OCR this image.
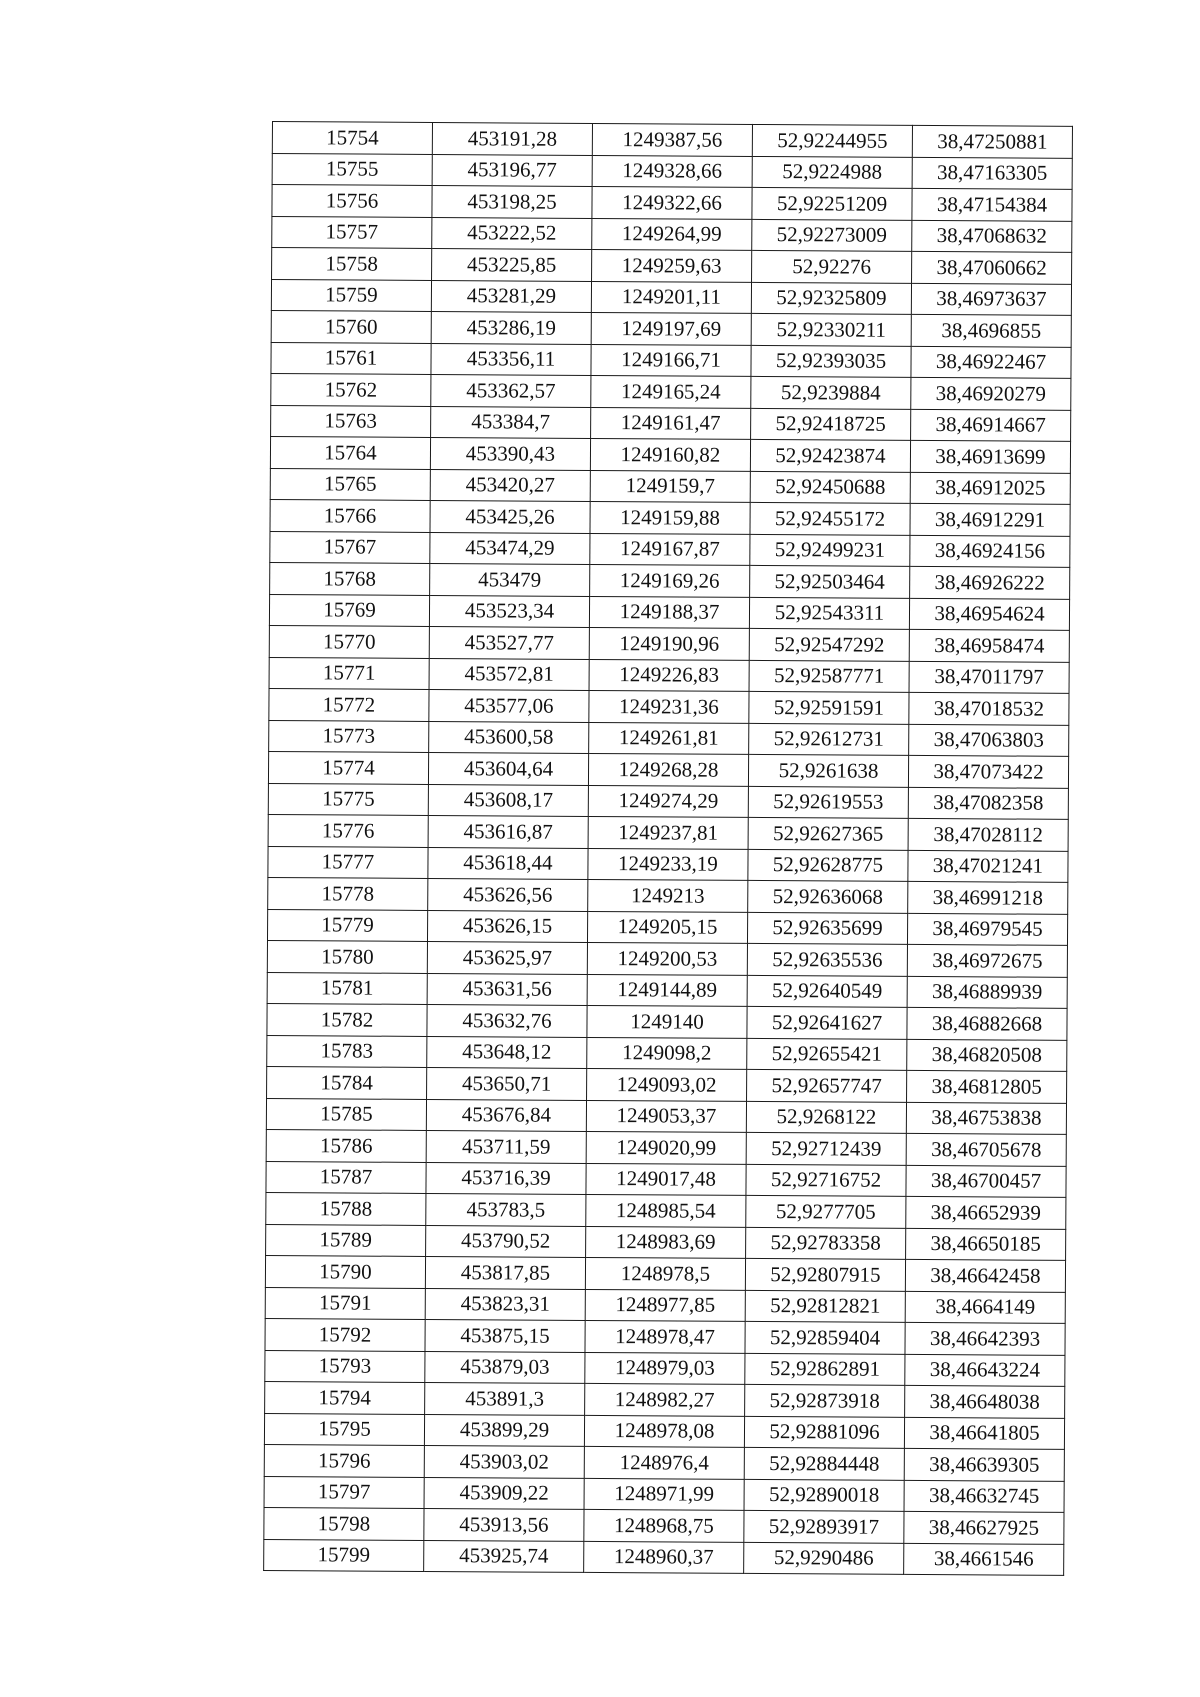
15754	453191,28	1249387,56	52,92244955	38,47250881
15755	453196,77	1249328,66	52,9224988	38,47163305
15756	453198,25	1249322,66	52,92251209	38,47154384
15757	453222,52	1249264,99	52,92273009	38,47068632
15758	453225,85	1249259,63	52,92276	38,47060662
15759	453281,29	1249201,11	52,92325809	38,46973637
15760	453286,19	1249197,69	52,92330211	38,4696855
15761	453356,11	1249166,71	52,92393035	38,46922467
15762	453362,57	1249165,24	52,9239884	38,46920279
15763	453384,7	1249161,47	52,92418725	38,46914667
15764	453390,43	1249160,82	52,92423874	38,46913699
15765	453420,27	1249159,7	52,92450688	38,46912025
15766	453425,26	1249159,88	52,92455172	38,46912291
15767	453474,29	1249167,87	52,92499231	38,46924156
15768	453479	1249169,26	52,92503464	38,46926222
15769	453523,34	1249188,37	52,92543311	38,46954624
15770	453527,77	1249190,96	52,92547292	38,46958474
15771	453572,81	1249226,83	52,92587771	38,47011797
15772	453577,06	1249231,36	52,92591591	38,47018532
15773	453600,58	1249261,81	52,92612731	38,47063803
15774	453604,64	1249268,28	52,9261638	38,47073422
15775	453608,17	1249274,29	52,92619553	38,47082358
15776	453616,87	1249237,81	52,92627365	38,47028112
15777	453618,44	1249233,19	52,92628775	38,47021241
15778	453626,56	1249213	52,92636068	38,46991218
15779	453626,15	1249205,15	52,92635699	38,46979545
15780	453625,97	1249200,53	52,92635536	38,46972675
15781	453631,56	1249144,89	52,92640549	38,46889939
15782	453632,76	1249140	52,92641627	38,46882668
15783	453648,12	1249098,2	52,92655421	38,46820508
15784	453650,71	1249093,02	52,92657747	38,46812805
15785	453676,84	1249053,37	52,9268122	38,46753838
15786	453711,59	1249020,99	52,92712439	38,46705678
15787	453716,39	1249017,48	52,92716752	38,46700457
15788	453783,5	1248985,54	52,9277705	38,46652939
15789	453790,52	1248983,69	52,92783358	38,46650185
15790	453817,85	1248978,5	52,92807915	38,46642458
15791	453823,31	1248977,85	52,92812821	38,4664149
15792	453875,15	1248978,47	52,92859404	38,46642393
15793	453879,03	1248979,03	52,92862891	38,46643224
15794	453891,3	1248982,27	52,92873918	38,46648038
15795	453899,29	1248978,08	52,92881096	38,46641805
15796	453903,02	1248976,4	52,92884448	38,46639305
15797	453909,22	1248971,99	52,92890018	38,46632745
15798	453913,56	1248968,75	52,92893917	38,46627925
15799	453925,74	1248960,37	52,9290486	38,4661546
